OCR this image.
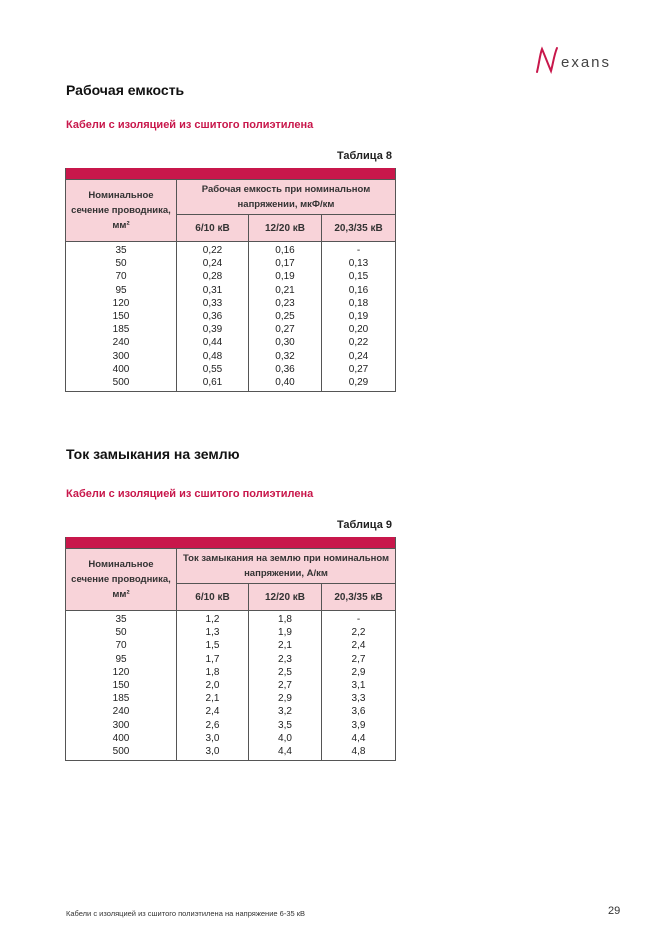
exans
Рабочая емкость
Кабели с изоляцией из сшитого полиэтилена
Таблица 8

Номинальное сечение проводника, мм²	Рабочая емкость при номинальном напряжении, мкФ/км		
	6/10 кВ	12/20 кВ	20,3/35 кВ
35	0,22	0,16	-
50	0,24	0,17	0,13
70	0,28	0,19	0,15
95	0,31	0,21	0,16
120	0,33	0,23	0,18
150	0,36	0,25	0,19
185	0,39	0,27	0,20
240	0,44	0,30	0,22
300	0,48	0,32	0,24
400	0,55	0,36	0,27
500	0,61	0,40	0,29
Ток замыкания на землю
Кабели с изоляцией из сшитого полиэтилена
Таблица 9

Номинальное сечение проводника, мм²	Ток замыкания на землю при номинальном напряжении, А/км		
	6/10 кВ	12/20 кВ	20,3/35 кВ
35	1,2	1,8	-
50	1,3	1,9	2,2
70	1,5	2,1	2,4
95	1,7	2,3	2,7
120	1,8	2,5	2,9
150	2,0	2,7	3,1
185	2,1	2,9	3,3
240	2,4	3,2	3,6
300	2,6	3,5	3,9
400	3,0	4,0	4,4
500	3,0	4,4	4,8
Кабели с изоляцией из сшитого полиэтилена на напряжение 6-35 кВ	29
